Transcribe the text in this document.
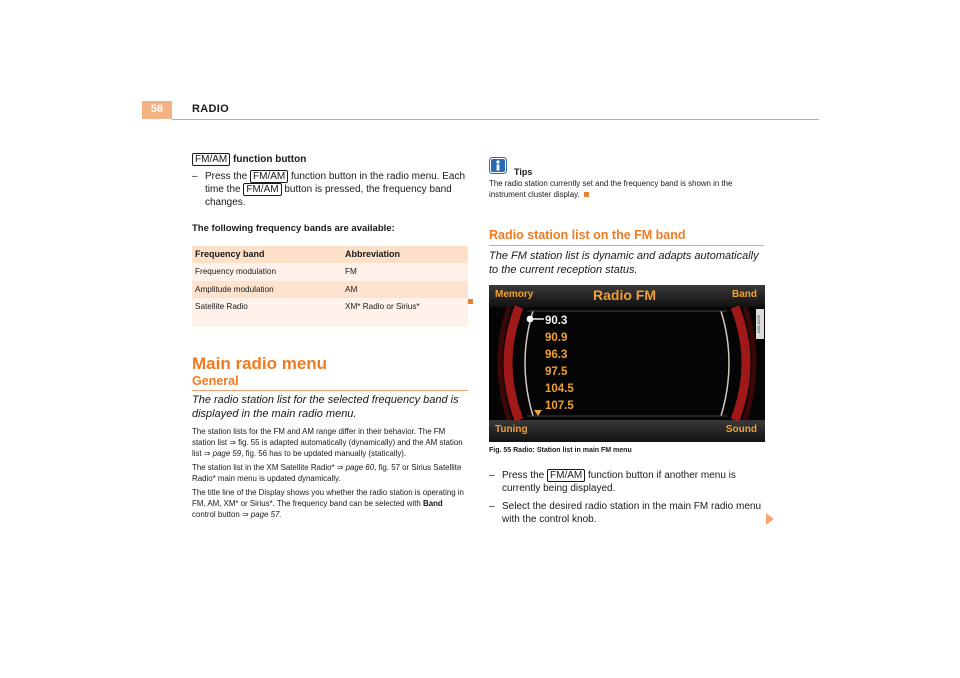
58	RADIO
FM/AM function button
– Press the FM/AM function button in the radio menu. Each time the FM/AM button is pressed, the frequency band changes.
The following frequency bands are available:
Frequency band	Abbreviation
Frequency modulation	FM
Amplitude modulation	AM
Satellite Radio	XM* Radio or Sirius*
Main radio menu
General
The radio station list for the selected frequency band is displayed in the main radio menu.

The station lists for the FM and AM range differ in their behavior. The FM station list ⇒ fig. 55 is adapted automatically (dynamically) and the AM station list ⇒ page 59, fig. 56 has to be updated manually (statically).

The station list in the XM Satellite Radio* ⇒ page 60, fig. 57 or Sirius Satellite Radio* main menu is updated dynamically.

The title line of the Display shows you whether the radio station is operating in FM, AM, XM* or Sirius*. The frequency band can be selected with Band control button ⇒ page 57.

Tips
The radio station currently set and the frequency band is shown in the instrument cluster display.
Radio station list on the FM band
The FM station list is dynamic and adapts automatically to the current reception status.
Memory	Radio FM	Band
Tuning	Sound
A6X-0296
90.3
90.9
96.3
97.5
104.5
107.5
Fig. 55 Radio: Station list in main FM menu
– Press the FM/AM function button if another menu is currently being displayed.
– Select the desired radio station in the main FM radio menu with the control knob.
